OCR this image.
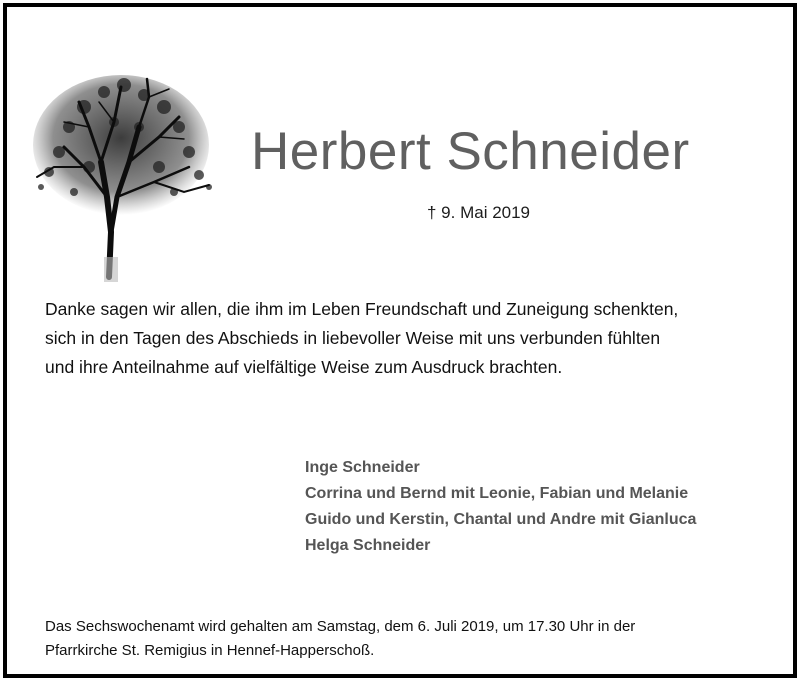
Herbert Schneider
† 9. Mai 2019
Danke sagen wir allen, die ihm im Leben Freundschaft und Zuneigung schenkten,
sich in den Tagen des Abschieds in liebevoller Weise mit uns verbunden fühlten
und ihre Anteilnahme auf vielfältige Weise zum Ausdruck brachten.
Inge Schneider
Corrina und Bernd mit Leonie, Fabian und Melanie
Guido und Kerstin, Chantal und Andre mit Gianluca
Helga Schneider
Das Sechswochenamt wird gehalten am Samstag, dem 6. Juli 2019, um 17.30 Uhr in der
Pfarrkirche St. Remigius in Hennef-Happerschoß.
